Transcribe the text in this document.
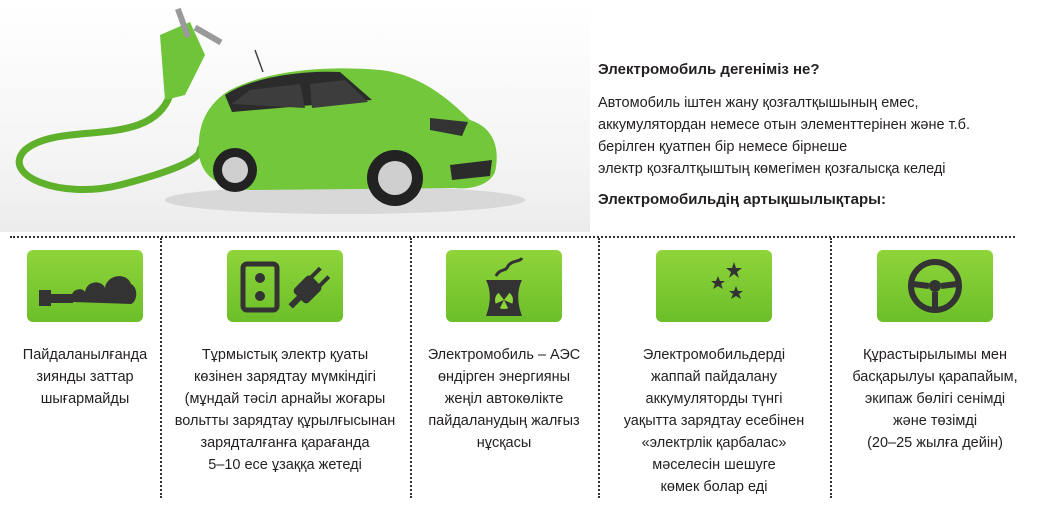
Электромобиль дегеніміз не?

Автомобиль іштен жану қозғалтқышының емес,
аккумулятордан немесе отын элементтерінен және т.б.
берілген қуатпен бір немесе бірнеше
электр қозғалтқыштың көмегімен қозғалысқа келеді

Электромобильдің артықшылықтары:
Пайдаланылғанда
зиянды заттар
шығармайды
Тұрмыстық электр қуаты
көзінен зарядтау мүмкіндігі
(мұндай тәсіл арнайы жоғары
вольтты зарядтау құрылғысынан
зарядталғанға қарағанда
5–10 есе ұзаққа жетеді
Электромобиль – АЭС
өндірген энергияны
жеңіл автокөлікте
пайдаланудың жалғыз
нұсқасы
Электромобильдерді
жаппай пайдалану
аккумуляторды түнгі
уақытта зарядтау есебінен
«электрлік қарбалас»
мәселесін шешуге
көмек болар еді
Құрастырылымы мен
басқарылуы қарапайым,
экипаж бөлігі сенімді
және төзімді
(20–25 жылға дейін)
